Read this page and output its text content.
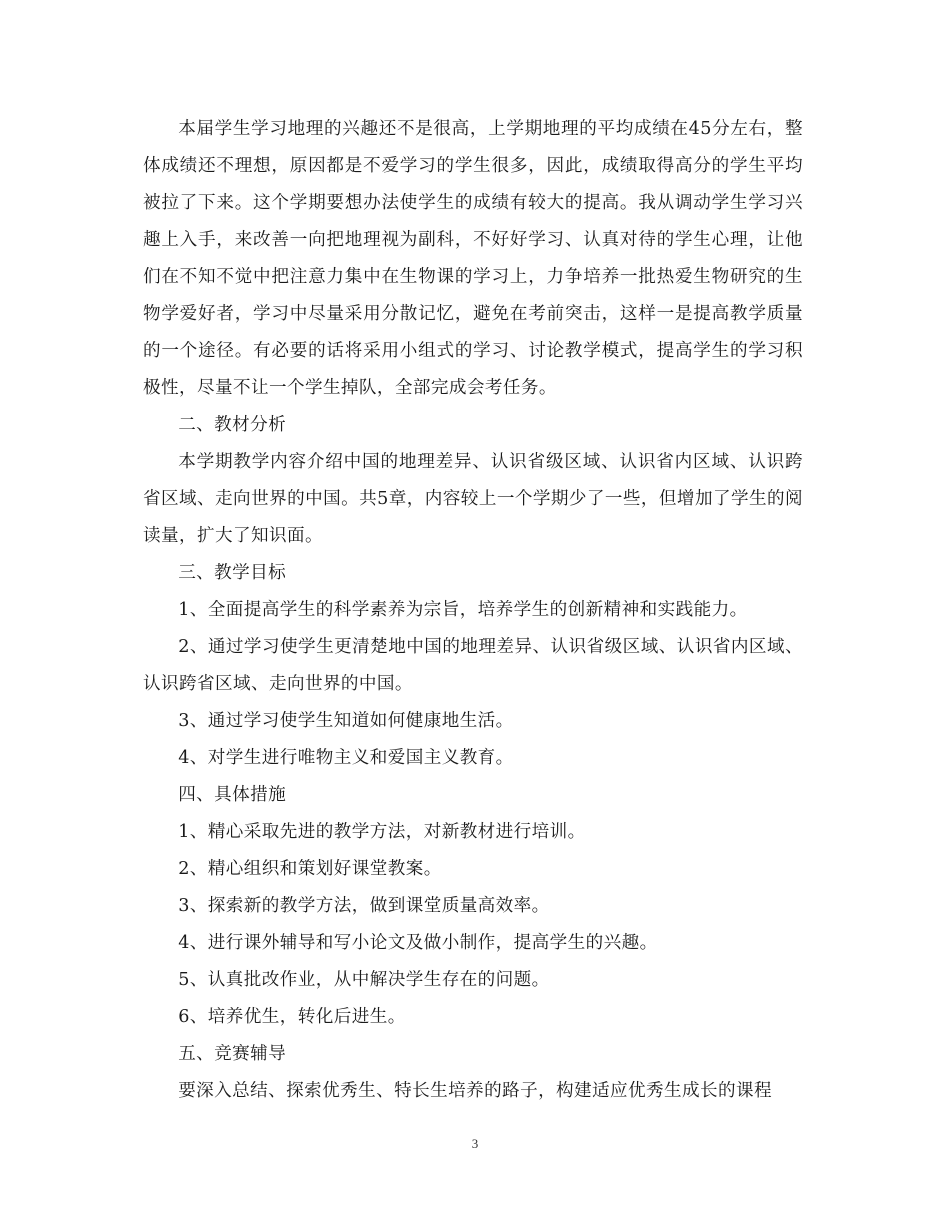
本届学生学习地理的兴趣还不是很高，上学期地理的平均成绩在45分左右，整体成绩还不理想，原因都是不爱学习的学生很多，因此，成绩取得高分的学生平均被拉了下来。这个学期要想办法使学生的成绩有较大的提高。我从调动学生学习兴趣上入手，来改善一向把地理视为副科，不好好学习、认真对待的学生心理，让他们在不知不觉中把注意力集中在生物课的学习上，力争培养一批热爱生物研究的生物学爱好者，学习中尽量采用分散记忆，避免在考前突击，这样一是提高教学质量的一个途径。有必要的话将采用小组式的学习、讨论教学模式，提高学生的学习积极性，尽量不让一个学生掉队，全部完成会考任务。

二、教材分析

本学期教学内容介绍中国的地理差异、认识省级区域、认识省内区域、认识跨省区域、走向世界的中国。共5章，内容较上一个学期少了一些，但增加了学生的阅读量，扩大了知识面。

三、教学目标

1、全面提高学生的科学素养为宗旨，培养学生的创新精神和实践能力。

2、通过学习使学生更清楚地中国的地理差异、认识省级区域、认识省内区域、认识跨省区域、走向世界的中国。

3、通过学习使学生知道如何健康地生活。

4、对学生进行唯物主义和爱国主义教育。

四、具体措施

1、精心采取先进的教学方法，对新教材进行培训。

2、精心组织和策划好课堂教案。

3、探索新的教学方法，做到课堂质量高效率。

4、进行课外辅导和写小论文及做小制作，提高学生的兴趣。

5、认真批改作业，从中解决学生存在的问题。

6、培养优生，转化后进生。

五、竞赛辅导

要深入总结、探索优秀生、特长生培养的路子，构建适应优秀生成长的课程

3
